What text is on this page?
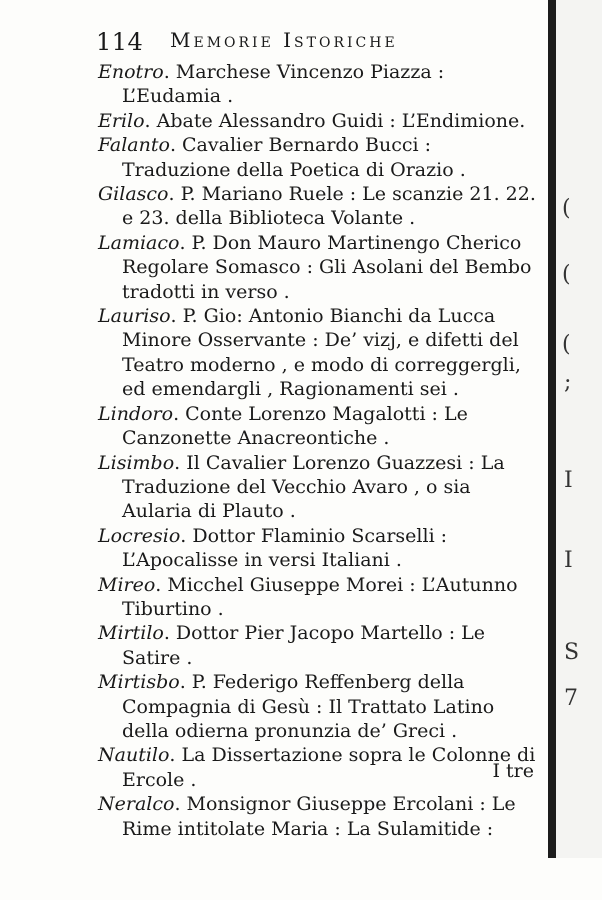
114 Memorie Istoriche

Enotro. Marchese Vincenzo Piazza : L’Eudamia .

Erilo. Abate Alessandro Guidi : L’Endimione.

Falanto. Cavalier Bernardo Bucci : Traduzione della Poetica di Orazio .

Gilasco. P. Mariano Ruele : Le scanzie 21. 22. e 23. della Biblioteca Volante .

Lamiaco. P. Don Mauro Martinengo Cherico Regolare Somasco : Gli Asolani del Bembo tradotti in verso .

Lauriso. P. Gio: Antonio Bianchi da Lucca Minore Osservante : De’ vizj, e difetti del Teatro moderno , e modo di correggergli, ed emendargli , Ragionamenti sei .

Lindoro. Conte Lorenzo Magalotti : Le Canzonette Anacreontiche .

Lisimbo. Il Cavalier Lorenzo Guazzesi : La Traduzione del Vecchio Avaro , o sia Aularia di Plauto .

Locresio. Dottor Flaminio Scarselli : L’Apocalisse in versi Italiani .

Mireo. Micchel Giuseppe Morei : L’Autunno Tiburtino .

Mirtilo. Dottor Pier Jacopo Martello : Le Satire .

Mirtisbo. P. Federigo Reffenberg della Compagnia di Gesù : Il Trattato Latino della odierna pronunzia de’ Greci .

Nautilo. La Dissertazione sopra le Colonne di Ercole .

Neralco. Monsignor Giuseppe Ercolani : Le Rime intitolate Maria : La Sulamitide :

I tre
(
(
(
;
I
I
S
7
